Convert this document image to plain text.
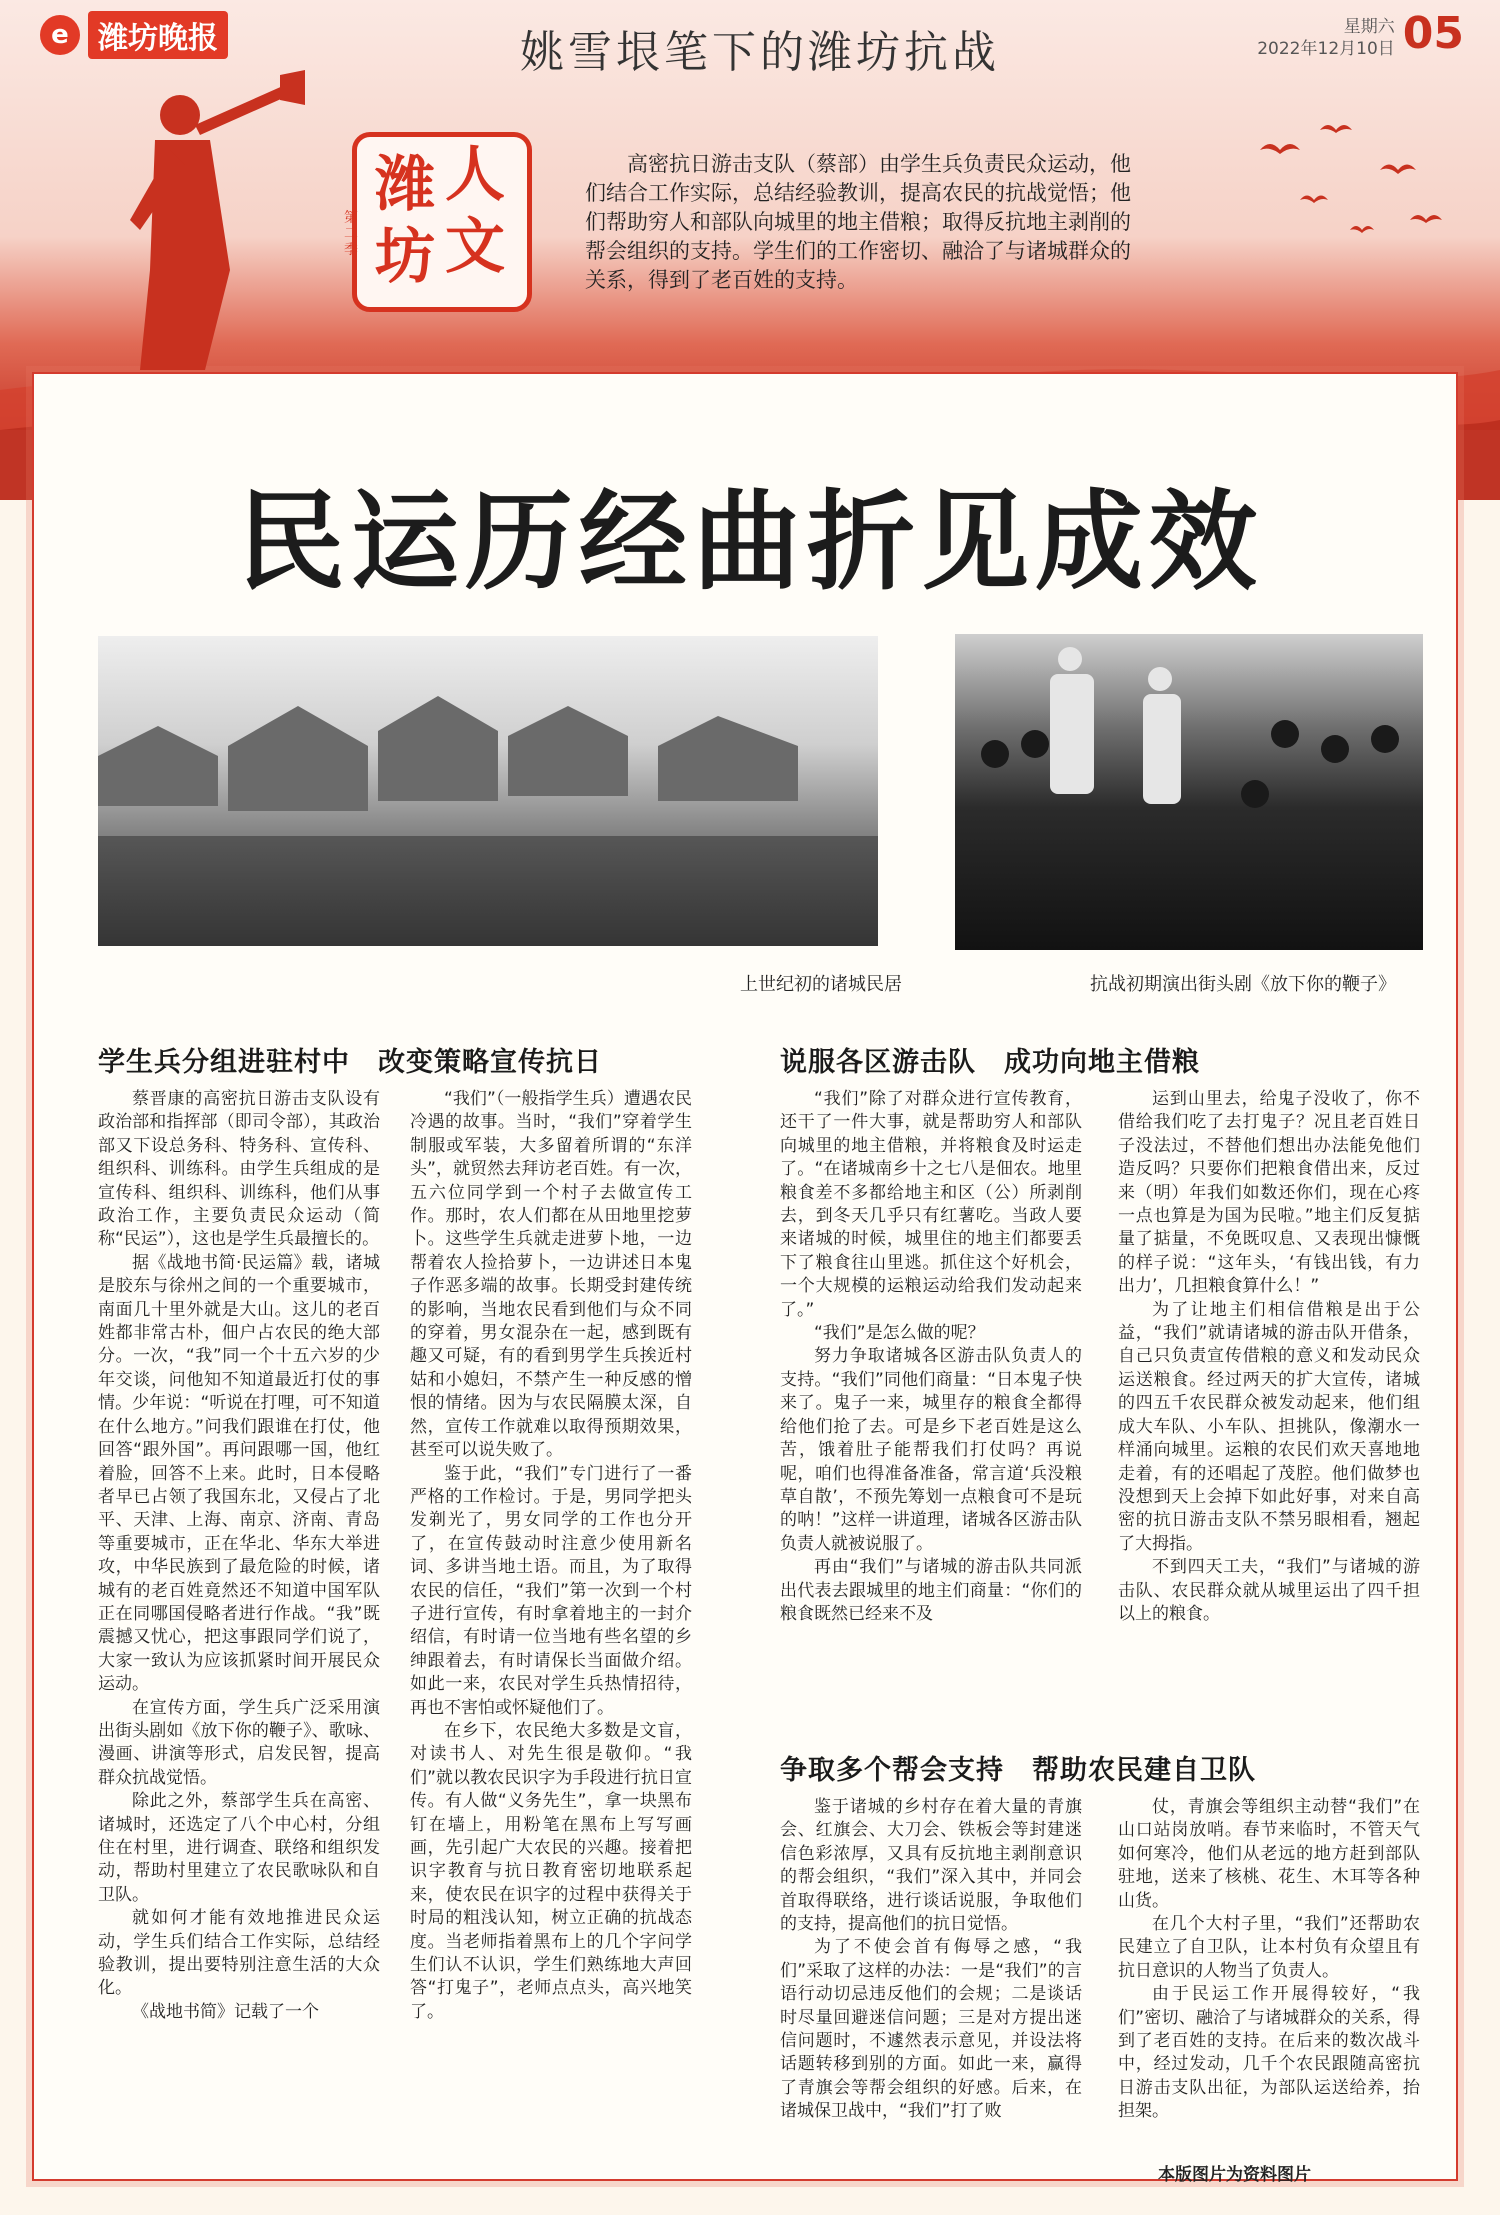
e 潍坊晚报	姚雪垠笔下的潍坊抗战	星期六
2022年12月10日 05
潍 人
坊 文
第二季
高密抗日游击支队（蔡部）由学生兵负责民众运动，他们结合工作实际，总结经验教训，提高农民的抗战觉悟；他们帮助穷人和部队向城里的地主借粮；取得反抗地主剥削的帮会组织的支持。学生们的工作密切、融洽了与诸城群众的关系，得到了老百姓的支持。
民运历经曲折见成效
上世纪初的诸城民居	抗战初期演出街头剧《放下你的鞭子》
学生兵分组进驻村中　改变策略宣传抗日	说服各区游击队　成功向地主借粮
争取多个帮会支持　帮助农民建自卫队

蔡晋康的高密抗日游击支队设有政治部和指挥部（即司令部），其政治部又下设总务科、特务科、宣传科、组织科、训练科。由学生兵组成的是宣传科、组织科、训练科，他们从事政治工作，主要负责民众运动（简称“民运”），这也是学生兵最擅长的。

据《战地书简·民运篇》载，诸城是胶东与徐州之间的一个重要城市，南面几十里外就是大山。这儿的老百姓都非常古朴，佃户占农民的绝大部分。一次，“我”同一个十五六岁的少年交谈，问他知不知道最近打仗的事情。少年说：“听说在打哩，可不知道在什么地方。”问我们跟谁在打仗，他回答“跟外国”。再问跟哪一国，他红着脸，回答不上来。此时，日本侵略者早已占领了我国东北，又侵占了北平、天津、上海、南京、济南、青岛等重要城市，正在华北、华东大举进攻，中华民族到了最危险的时候，诸城有的老百姓竟然还不知道中国军队正在同哪国侵略者进行作战。“我”既震撼又忧心，把这事跟同学们说了，大家一致认为应该抓紧时间开展民众运动。

在宣传方面，学生兵广泛采用演出街头剧如《放下你的鞭子》、歌咏、漫画、讲演等形式，启发民智，提高群众抗战觉悟。

除此之外，蔡部学生兵在高密、诸城时，还选定了八个中心村，分组住在村里，进行调查、联络和组织发动，帮助村里建立了农民歌咏队和自卫队。

就如何才能有效地推进民众运动，学生兵们结合工作实际，总结经验教训，提出要特别注意生活的大众化。

《战地书简》记载了一个

“我们”（一般指学生兵）遭遇农民冷遇的故事。当时，“我们”穿着学生制服或军装，大多留着所谓的“东洋头”，就贸然去拜访老百姓。有一次，五六位同学到一个村子去做宣传工作。那时，农人们都在从田地里挖萝卜。这些学生兵就走进萝卜地，一边帮着农人捡拾萝卜，一边讲述日本鬼子作恶多端的故事。长期受封建传统的影响，当地农民看到他们与众不同的穿着，男女混杂在一起，感到既有趣又可疑，有的看到男学生兵挨近村姑和小媳妇，不禁产生一种反感的憎恨的情绪。因为与农民隔膜太深，自然，宣传工作就难以取得预期效果，甚至可以说失败了。

鉴于此，“我们”专门进行了一番严格的工作检讨。于是，男同学把头发剃光了，男女同学的工作也分开了，在宣传鼓动时注意少使用新名词、多讲当地土语。而且，为了取得农民的信任，“我们”第一次到一个村子进行宣传，有时拿着地主的一封介绍信，有时请一位当地有些名望的乡绅跟着去，有时请保长当面做介绍。如此一来，农民对学生兵热情招待，再也不害怕或怀疑他们了。

在乡下，农民绝大多数是文盲，对读书人、对先生很是敬仰。“我们”就以教农民识字为手段进行抗日宣传。有人做“义务先生”，拿一块黑布钉在墙上，用粉笔在黑布上写写画画，先引起广大农民的兴趣。接着把识字教育与抗日教育密切地联系起来，使农民在识字的过程中获得关于时局的粗浅认知，树立正确的抗战态度。当老师指着黑布上的几个字问学生们认不认识，学生们熟练地大声回答“打鬼子”，老师点点头，高兴地笑了。

“我们”除了对群众进行宣传教育，还干了一件大事，就是帮助穷人和部队向城里的地主借粮，并将粮食及时运走了。“在诸城南乡十之七八是佃农。地里粮食差不多都给地主和区（公）所剥削去，到冬天几乎只有红薯吃。当政人要来诸城的时候，城里住的地主们都要丢下了粮食往山里逃。抓住这个好机会，一个大规模的运粮运动给我们发动起来了。”

“我们”是怎么做的呢？

努力争取诸城各区游击队负责人的支持。“我们”同他们商量：“日本鬼子快来了。鬼子一来，城里存的粮食全都得给他们抢了去。可是乡下老百姓是这么苦，饿着肚子能帮我们打仗吗？再说呢，咱们也得准备准备，常言道‘兵没粮草自散’，不预先筹划一点粮食可不是玩的呐！”这样一讲道理，诸城各区游击队负责人就被说服了。

再由“我们”与诸城的游击队共同派出代表去跟城里的地主们商量：“你们的粮食既然已经来不及

运到山里去，给鬼子没收了，你不借给我们吃了去打鬼子？况且老百姓日子没法过，不替他们想出办法能免他们造反吗？只要你们把粮食借出来，反过来（明）年我们如数还你们，现在心疼一点也算是为国为民啦。”地主们反复掂量了掂量，不免既叹息、又表现出慷慨的样子说：“这年头，‘有钱出钱，有力出力’，几担粮食算什么！”

为了让地主们相信借粮是出于公益，“我们”就请诸城的游击队开借条，自己只负责宣传借粮的意义和发动民众运送粮食。经过两天的扩大宣传，诸城的四五千农民群众被发动起来，他们组成大车队、小车队、担挑队，像潮水一样涌向城里。运粮的农民们欢天喜地地走着，有的还唱起了茂腔。他们做梦也没想到天上会掉下如此好事，对来自高密的抗日游击支队不禁另眼相看，翘起了大拇指。

不到四天工夫，“我们”与诸城的游击队、农民群众就从城里运出了四千担以上的粮食。

鉴于诸城的乡村存在着大量的青旗会、红旗会、大刀会、铁板会等封建迷信色彩浓厚，又具有反抗地主剥削意识的帮会组织，“我们”深入其中，并同会首取得联络，进行谈话说服，争取他们的支持，提高他们的抗日觉悟。

为了不使会首有侮辱之感，“我们”采取了这样的办法：一是“我们”的言语行动切忌违反他们的会规；二是谈话时尽量回避迷信问题；三是对方提出迷信问题时，不遽然表示意见，并设法将话题转移到别的方面。如此一来，赢得了青旗会等帮会组织的好感。后来，在诸城保卫战中，“我们”打了败

仗，青旗会等组织主动替“我们”在山口站岗放哨。春节来临时，不管天气如何寒冷，他们从老远的地方赶到部队驻地，送来了核桃、花生、木耳等各种山货。

在几个大村子里，“我们”还帮助农民建立了自卫队，让本村负有众望且有抗日意识的人物当了负责人。

由于民运工作开展得较好，“我们”密切、融洽了与诸城群众的关系，得到了老百姓的支持。在后来的数次战斗中，经过发动，几千个农民跟随高密抗日游击支队出征，为部队运送给养，抬担架。

本版图片为资料图片
